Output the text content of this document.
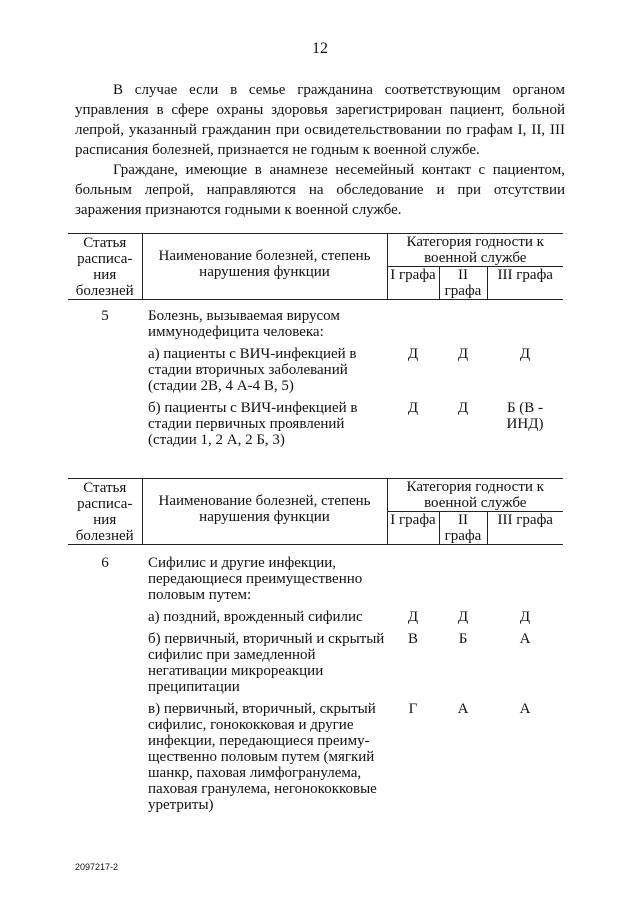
12

В случае если в семье гражданина соответствующим органом управления в сфере охраны здоровья зарегистрирован пациент, больной лепрой, указанный гражданин при освидетельствовании по графам I, II, III расписания болезней, признается не годным к военной службе.

Граждане, имеющие в анамнезе несемейный контакт с пациентом, больным лепрой, направляются на обследование и при отсутствии заражения признаются годными к военной службе.

Статья расписа-ния болезней	Наименование болезней, степень нарушения функции	Категория годности к военной службе		
		I графа	II графа	III графа
5	Болезнь, вызываемая вирусом иммунодефицита человека:			
	а) пациенты с ВИЧ-инфекцией в стадии вторичных заболеваний (стадии 2В, 4 А-4 В, 5)	Д	Д	Д
	б) пациенты с ВИЧ-инфекцией в стадии первичных проявлений (стадии 1, 2 А, 2 Б, 3)	Д	Д	Б (В - ИНД)
Статья расписа-ния болезней	Наименование болезней, степень нарушения функции	Категория годности к военной службе		
		I графа	II графа	III графа
6	Сифилис и другие инфекции, передающиеся преимущественно половым путем:			
	а) поздний, врожденный сифилис	Д	Д	Д
	б) первичный, вторичный и скрытый сифилис при замедленной негативации микрореакции преципитации	В	Б	А
	в) первичный, вторичный, скрытый сифилис, гонококковая и другие инфекции, передающиеся преиму-щественно половым путем (мягкий шанкр, паховая лимфогранулема, паховая гранулема, негонококковые уретриты)	Г	А	А
2097217-2
